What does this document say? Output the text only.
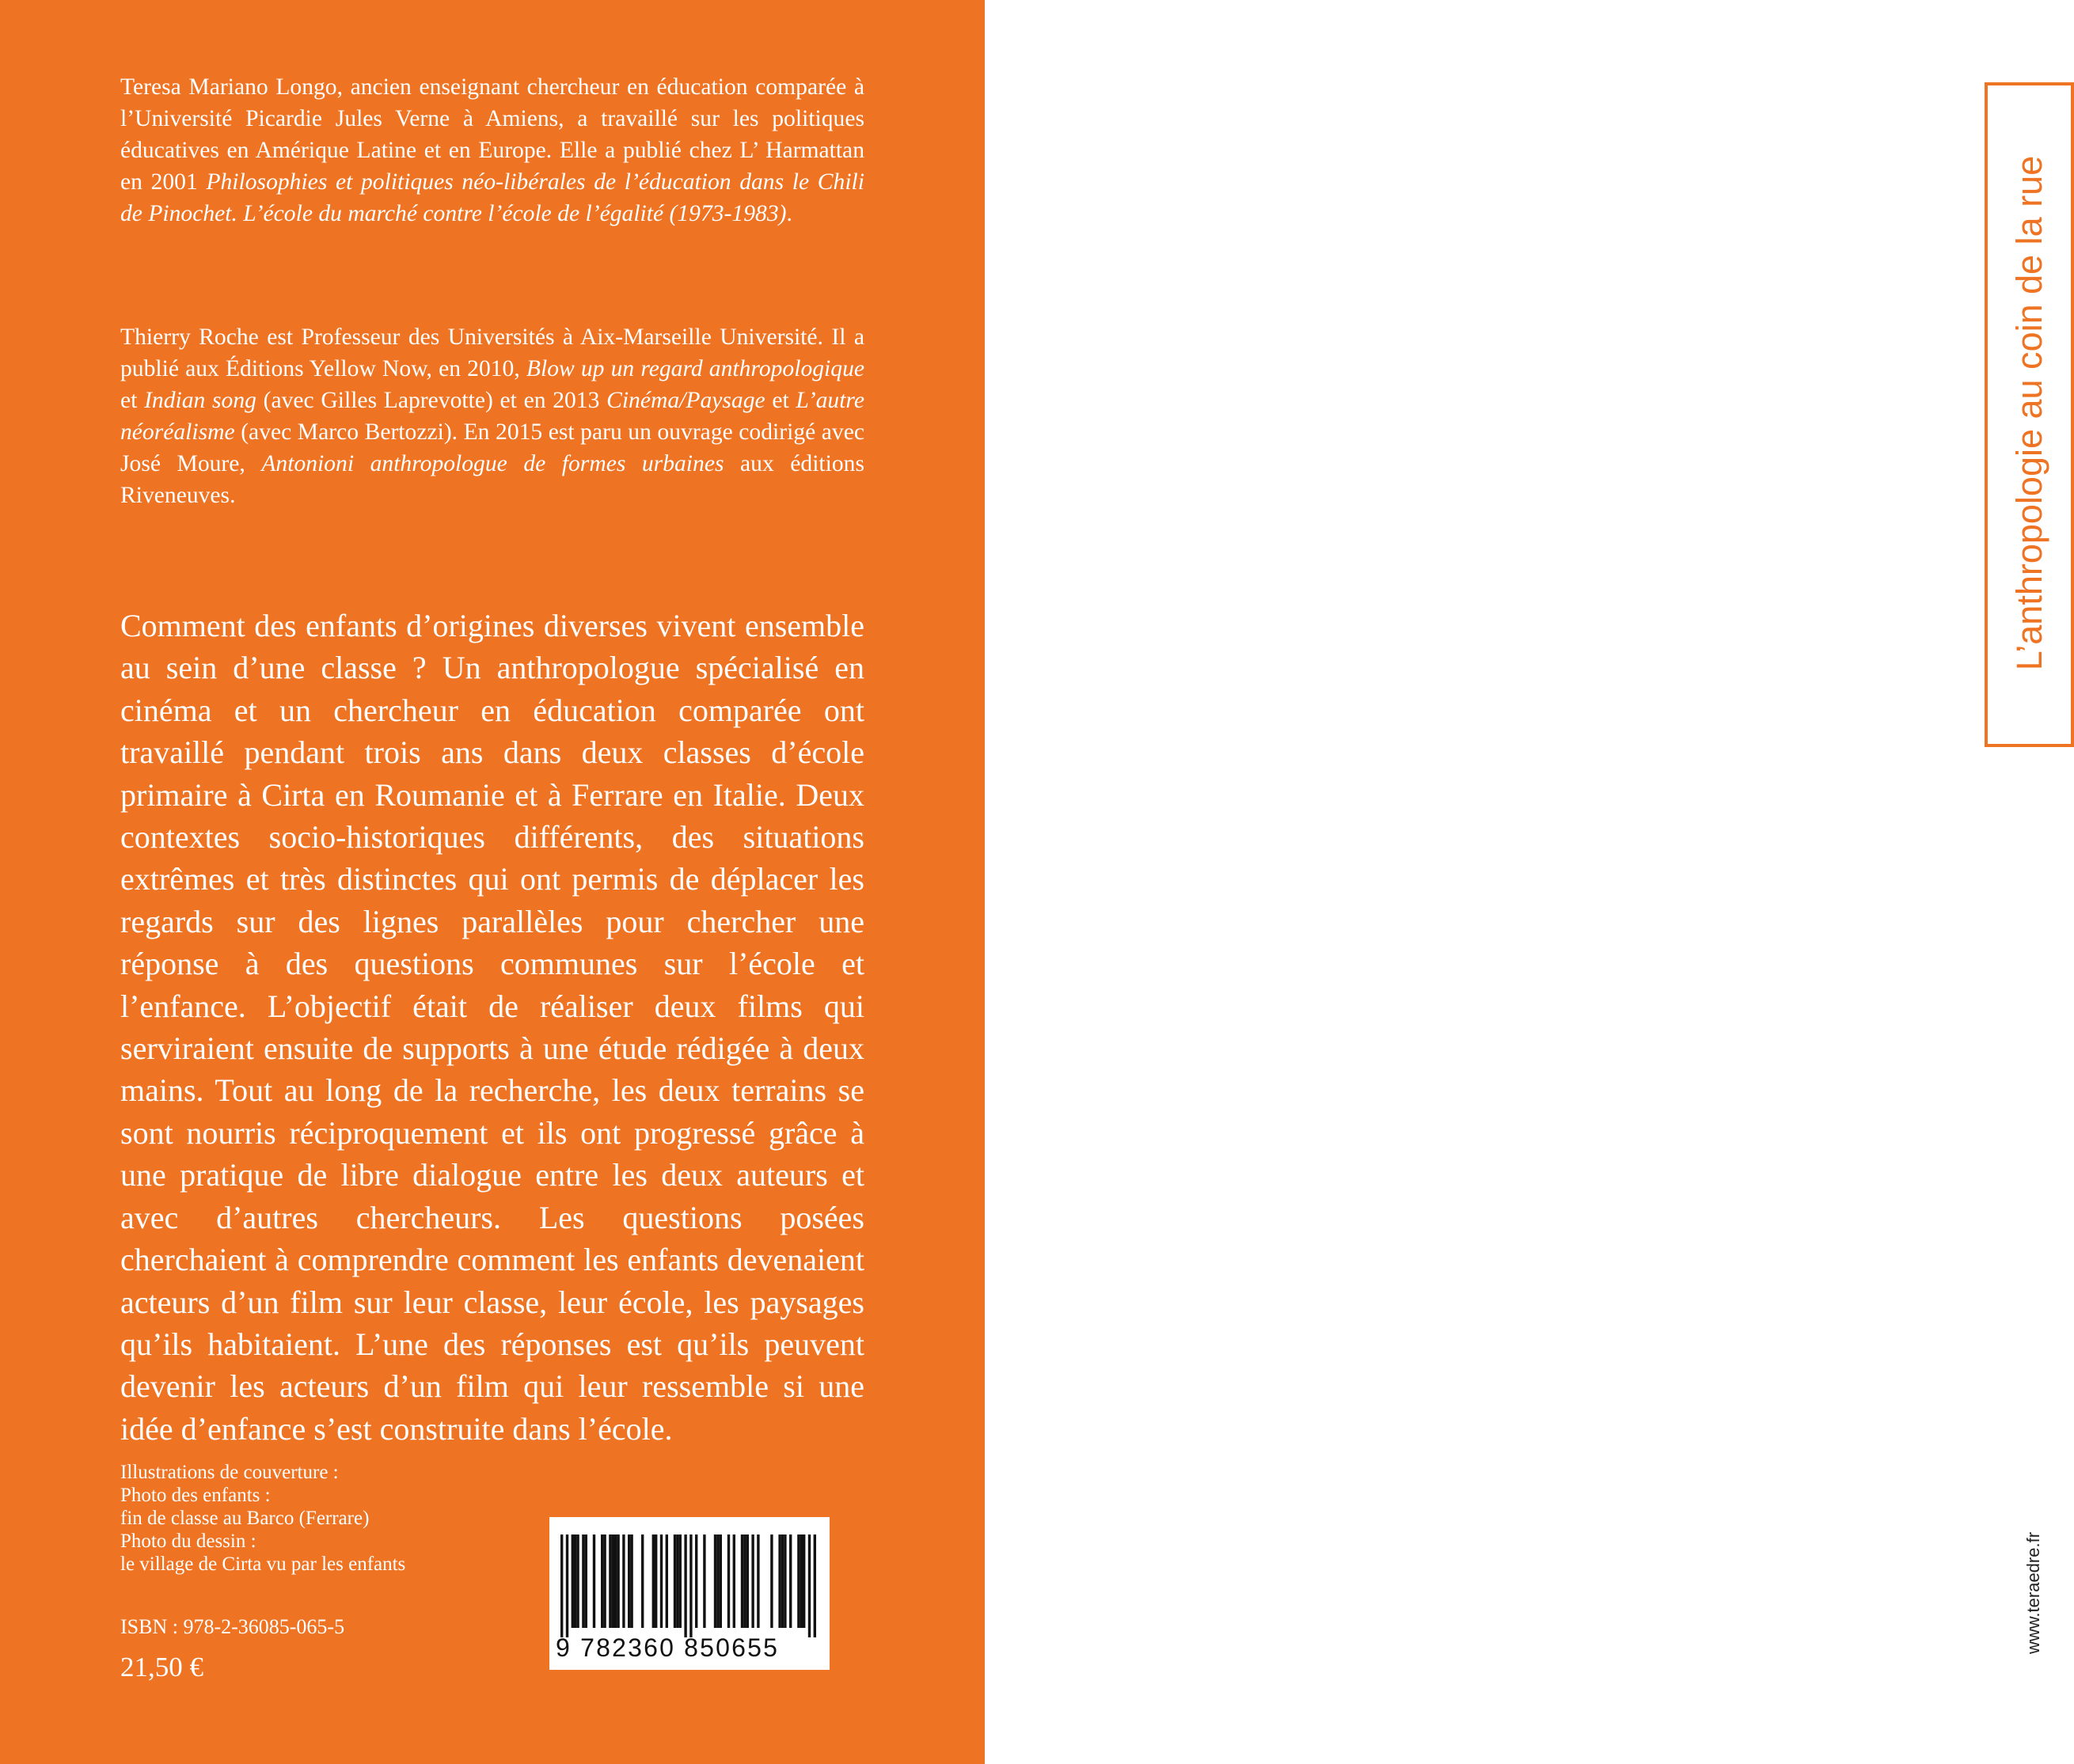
Teresa Mariano Longo, ancien enseignant chercheur en éducation comparée à l’Université Picardie Jules Verne à Amiens, a travaillé sur les politiques éducatives en Amérique Latine et en Europe. Elle a publié chez L’ Harmattan en 2001 Philosophies et politiques néo-libérales de l’éducation dans le Chili de Pinochet. L’école du marché contre l’école de l’égalité (1973-1983).

Thierry Roche est Professeur des Universités à Aix-Marseille Université. Il a publié aux Éditions Yellow Now, en 2010, Blow up un regard anthropologique et Indian song (avec Gilles Laprevotte) et en 2013 Cinéma/Paysage et L’autre néoréalisme (avec Marco Bertozzi). En 2015 est paru un ouvrage codirigé avec José Moure, Antonioni anthropologue de formes urbaines aux éditions Riveneuves.

Comment des enfants d’origines diverses vivent ensemble au sein d’une classe ? Un anthropologue spécialisé en cinéma et un chercheur en éducation comparée ont travaillé pendant trois ans dans deux classes d’école primaire à Cirta en Roumanie et à Ferrare en Italie. Deux contextes socio-historiques différents, des situations extrêmes et très distinctes qui ont permis de déplacer les regards sur des lignes parallèles pour chercher une réponse à des questions communes sur l’école et l’enfance. L’objectif était de réaliser deux films qui serviraient ensuite de supports à une étude rédigée à deux mains. Tout au long de la recherche, les deux terrains se sont nourris réciproquement et ils ont progressé grâce à une pratique de libre dialogue entre les deux auteurs et avec d’autres chercheurs. Les questions posées cherchaient à comprendre comment les enfants devenaient acteurs d’un film sur leur classe, leur école, les paysages qu’ils habitaient. L’une des réponses est qu’ils peuvent devenir les acteurs d’un film qui leur ressemble si une idée d’enfance s’est construite dans l’école.

Illustrations de couverture :
Photo des enfants :
fin de classe au Barco (Ferrare)
Photo du dessin :
le village de Cirta vu par les enfants
ISBN : 978-2-36085-065-5
21,50 €
9 782360 850655
L’anthropologie au coin de la rue
www.teraedre.fr
